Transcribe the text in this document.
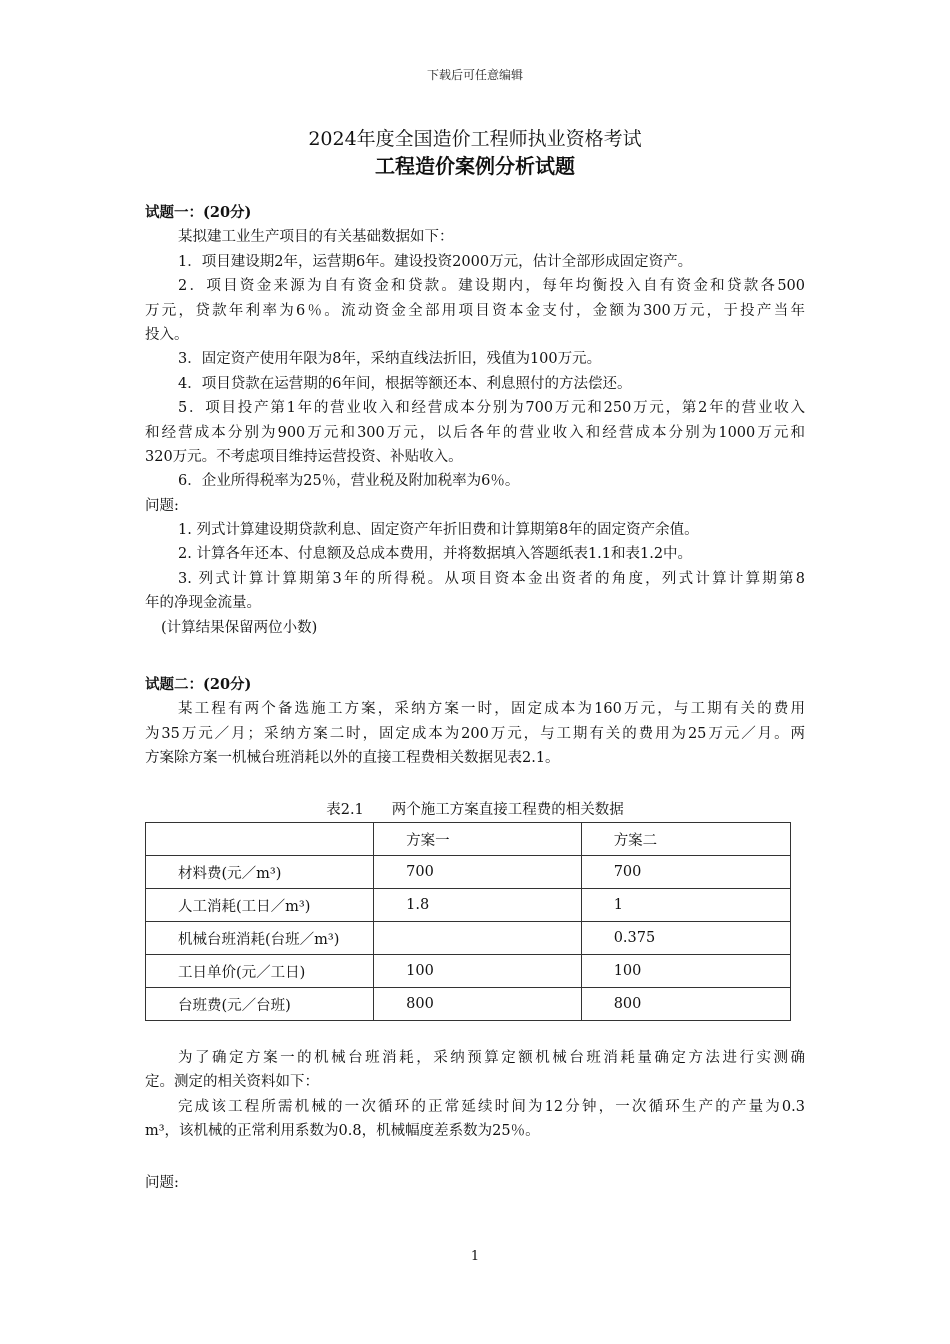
下载后可任意编辑
2024年度全国造价工程师执业资格考试
工程造价案例分析试题
试题一：(20分)
某拟建工业生产项目的有关基础数据如下：
1．项目建设期2年，运营期6年。建设投资2000万元，估计全部形成固定资产。
2．项目资金来源为自有资金和贷款。建设期内，每年均衡投入自有资金和贷款各500
万元，贷款年利率为6％。流动资金全部用项目资本金支付，金额为300万元，于投产当年
投入。
3．固定资产使用年限为8年，采纳直线法折旧，残值为100万元。
4．项目贷款在运营期的6年间，根据等额还本、利息照付的方法偿还。
5．项目投产第1年的营业收入和经营成本分别为700万元和250万元，第2年的营业收入
和经营成本分别为900万元和300万元，以后各年的营业收入和经营成本分别为1000万元和
320万元。不考虑项目维持运营投资、补贴收入。
6．企业所得税率为25％，营业税及附加税率为6％。
问题:
1. 列式计算建设期贷款利息、固定资产年折旧费和计算期第8年的固定资产余值。
2. 计算各年还本、付息额及总成本费用，并将数据填入答题纸表1.1和表1.2中。
3. 列式计算计算期第3年的所得税。从项目资本金出资者的角度，列式计算计算期第8
年的净现金流量。
(计算结果保留两位小数)
试题二：(20分)
某工程有两个备选施工方案，采纳方案一时，固定成本为160万元，与工期有关的费用
为35万元／月；采纳方案二时，固定成本为200万元，与工期有关的费用为25万元／月。两
方案除方案一机械台班消耗以外的直接工程费相关数据见表2.1。
表2.1 两个施工方案直接工程费的相关数据
	方案一	方案二
材料费(元／m³)	700	700
人工消耗(工日／m³)	1.8	1
机械台班消耗(台班／m³)		0.375
工日单价(元／工日)	100	100
台班费(元／台班)	800	800
为了确定方案一的机械台班消耗，采纳预算定额机械台班消耗量确定方法进行实测确
定。测定的相关资料如下：
完成该工程所需机械的一次循环的正常延续时间为12分钟，一次循环生产的产量为0.3
m³，该机械的正常利用系数为0.8，机械幅度差系数为25％。
问题:
1
